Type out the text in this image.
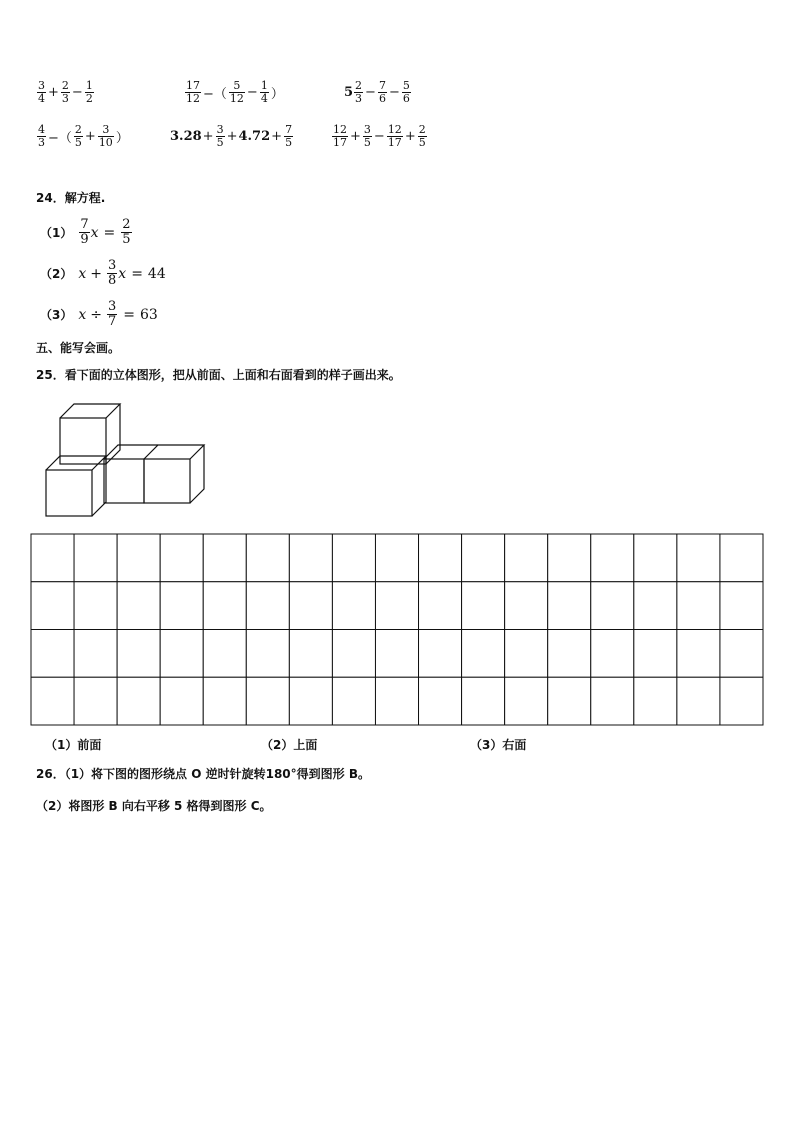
$\frac{3}{4} + \frac{2}{3} - \frac{1}{2}$	$\frac{17}{12}$ −（ $\frac{5}{12} - \frac{1}{4}$ ）	$5 \frac{2}{3} - \frac{7}{6} - \frac{5}{6}$
$\frac{4}{3}$ −（ $\frac{2}{5} + \frac{3}{10}$ ）	$3.28 + \frac{3}{5} + 4.72 + \frac{7}{5}$	$\frac{12}{17} + \frac{3}{5} - \frac{12}{17} + \frac{2}{5}$
24．解方程.
$(1) \frac{7}{9}$ $x = \frac{2}{5}$
（2） $x + \frac{3}{8}$ x = 44
（3） $x \div \frac{3}{7} = 63$
五、能写会画。
25．看下面的立体图形，把从前面、上面和右面看到的样子画出来。
（1）前面	（2）上面	（3）右面
26．（1）将下图的图形绕点 O 逆时针旋转180°得到图形 B。
（2）将图形 B 向右平移 5 格得到图形 C。
